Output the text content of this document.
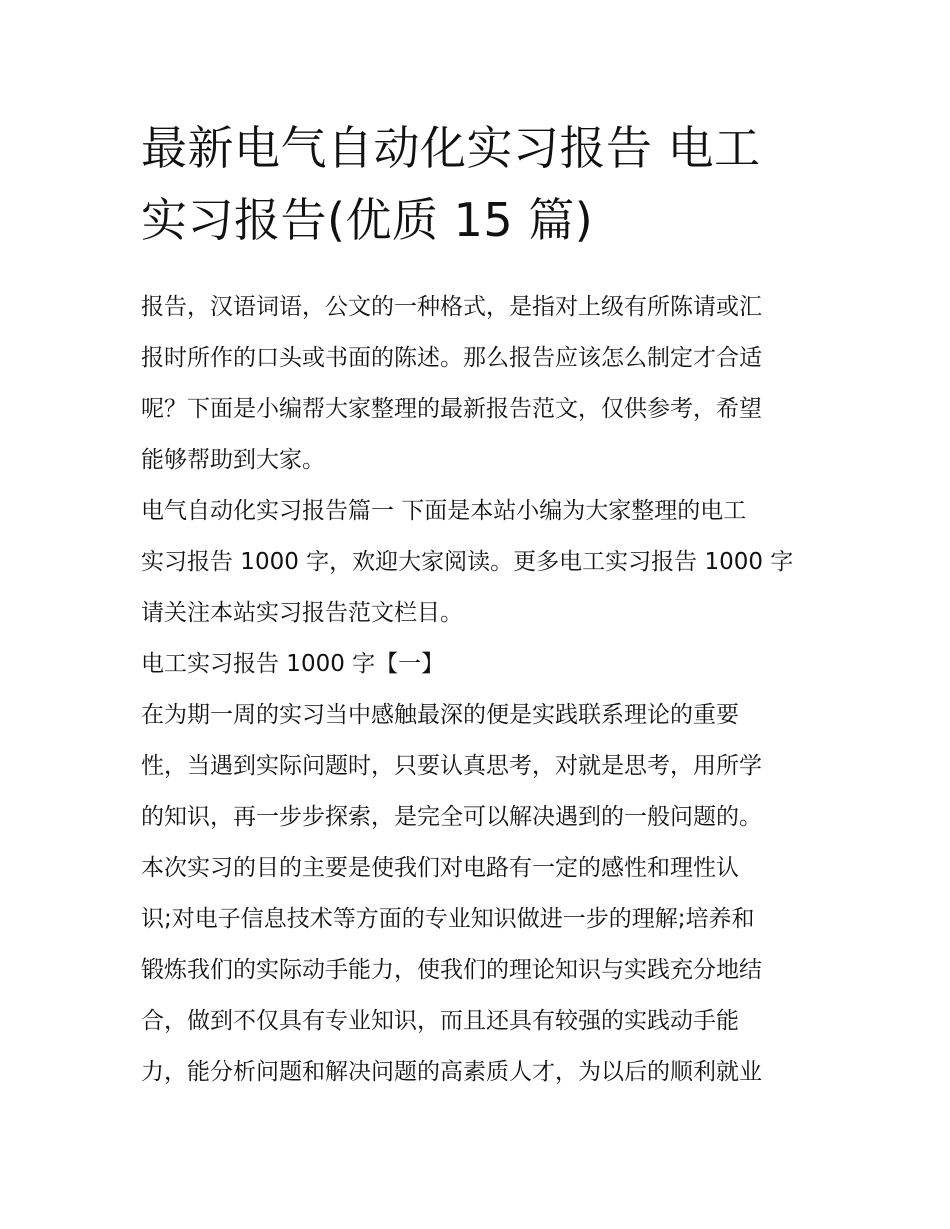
最新电气自动化实习报告 电工
实习报告(优质 15 篇)
报告，汉语词语，公文的一种格式，是指对上级有所陈请或汇
报时所作的口头或书面的陈述。那么报告应该怎么制定才合适
呢？下面是小编帮大家整理的最新报告范文，仅供参考，希望
能够帮助到大家。
电气自动化实习报告篇一 下面是本站小编为大家整理的电工
实习报告 1000 字，欢迎大家阅读。更多电工实习报告 1000 字
请关注本站实习报告范文栏目。
电工实习报告 1000 字【一】
在为期一周的实习当中感触最深的便是实践联系理论的重要
性，当遇到实际问题时，只要认真思考，对就是思考，用所学
的知识，再一步步探索，是完全可以解决遇到的一般问题的。
本次实习的目的主要是使我们对电路有一定的感性和理性认
识;对电子信息技术等方面的专业知识做进一步的理解;培养和
锻炼我们的实际动手能力，使我们的理论知识与实践充分地结
合，做到不仅具有专业知识，而且还具有较强的实践动手能
力，能分析问题和解决问题的高素质人才，为以后的顺利就业
